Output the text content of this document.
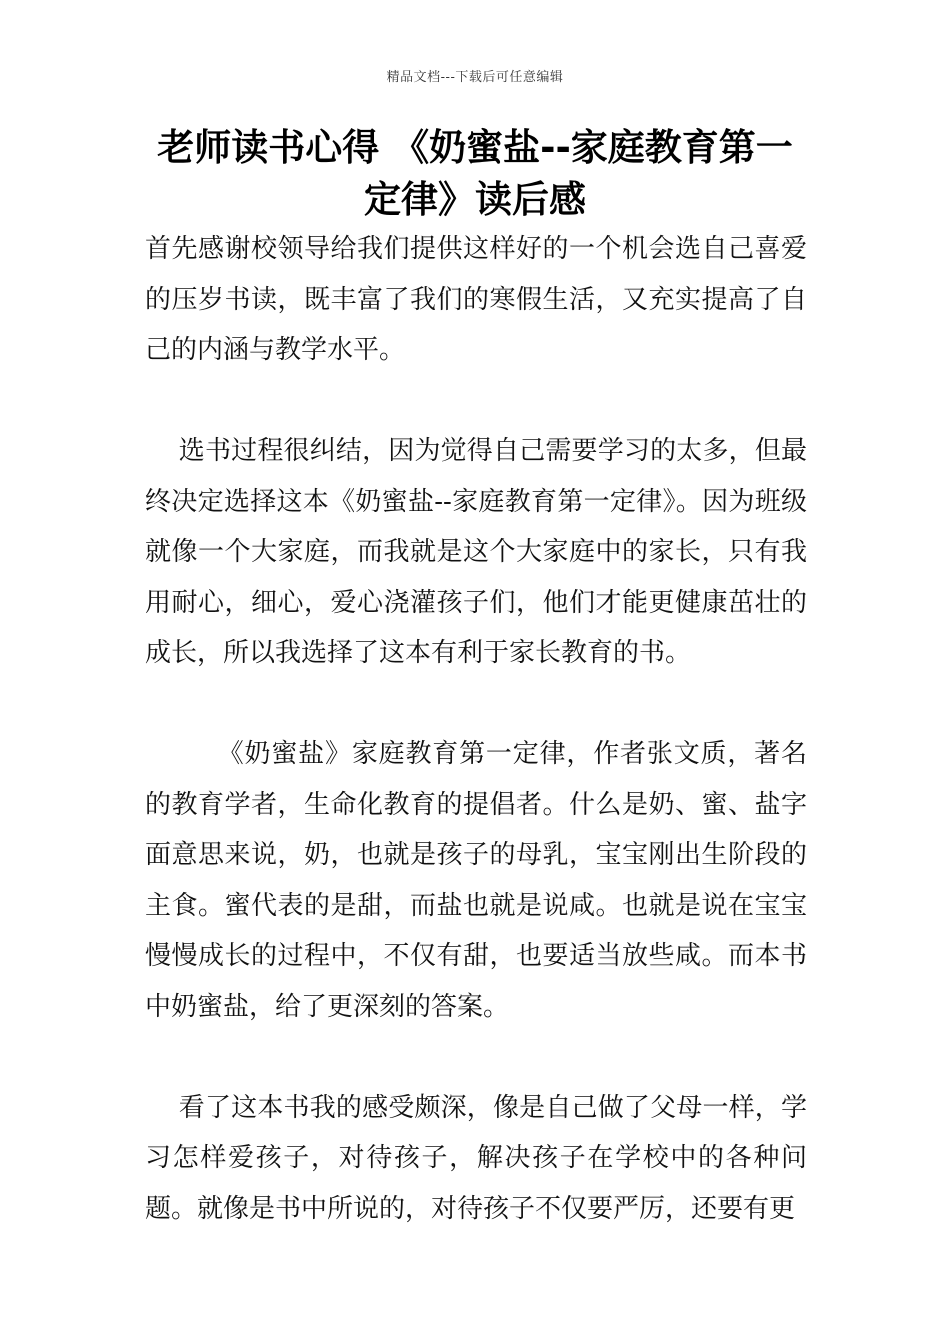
精品文档---下载后可任意编辑
老师读书心得 《奶蜜盐--家庭教育第一定律》读后感

首先感谢校领导给我们提供这样好的一个机会选自己喜爱的压岁书读，既丰富了我们的寒假生活，又充实提高了自己的内涵与教学水平。

选书过程很纠结，因为觉得自己需要学习的太多，但最终决定选择这本《奶蜜盐--家庭教育第一定律》。因为班级就像一个大家庭，而我就是这个大家庭中的家长，只有我用耐心，细心，爱心浇灌孩子们，他们才能更健康茁壮的成长，所以我选择了这本有利于家长教育的书。

《奶蜜盐》家庭教育第一定律，作者张文质，著名的教育学者，生命化教育的提倡者。什么是奶、蜜、盐字面意思来说，奶，也就是孩子的母乳，宝宝刚出生阶段的主食。蜜代表的是甜，而盐也就是说咸。也就是说在宝宝慢慢成长的过程中，不仅有甜，也要适当放些咸。而本书中奶蜜盐，给了更深刻的答案。

看了这本书我的感受颇深，像是自己做了父母一样，学习怎样爱孩子，对待孩子，解决孩子在学校中的各种问题。就像是书中所说的，对待孩子不仅要严厉，还要有更
